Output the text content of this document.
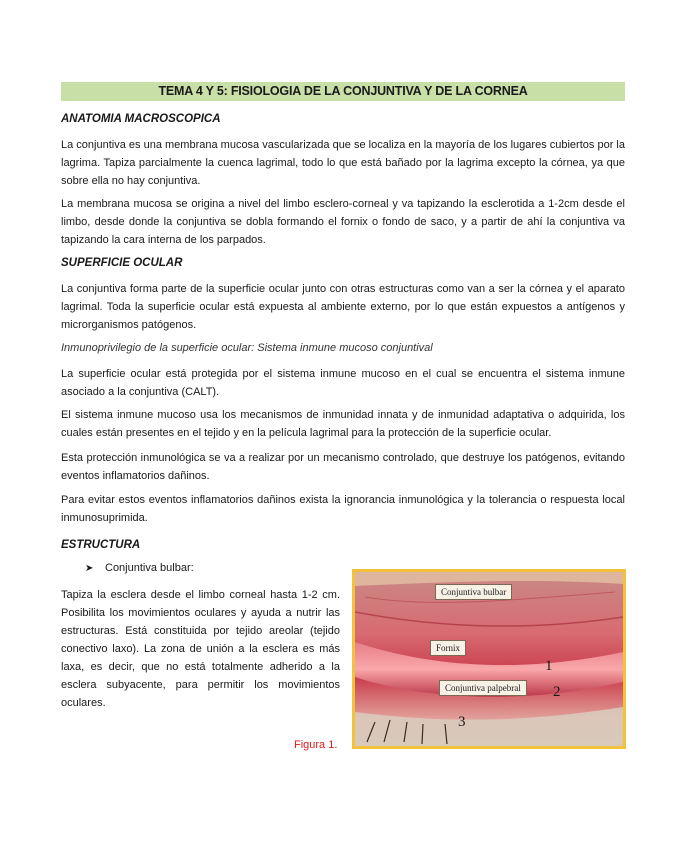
TEMA 4 Y 5: FISIOLOGIA DE LA CONJUNTIVA Y DE LA CORNEA
ANATOMIA MACROSCOPICA
La conjuntiva es una membrana mucosa vascularizada que se localiza en la mayoría de los lugares cubiertos por la lagrima. Tapiza parcialmente la cuenca lagrimal, todo lo que está bañado por la lagrima excepto la córnea, ya que sobre ella no hay conjuntiva.
La membrana mucosa se origina a nivel del limbo esclero-corneal y va tapizando la esclerotida a 1-2cm desde el limbo, desde donde la conjuntiva se dobla formando el fornix o fondo de saco, y a partir de ahí la conjuntiva va tapizando la cara interna de los parpados.
SUPERFICIE OCULAR
La conjuntiva forma parte de la superficie ocular junto con otras estructuras como van a ser la córnea y el aparato lagrimal. Toda la superficie ocular está expuesta al ambiente externo, por lo que están expuestos a antígenos y microrganismos patógenos.
Inmunoprivilegio de la superficie ocular: Sistema inmune mucoso conjuntival
La superficie ocular está protegida por el sistema inmune mucoso en el cual se encuentra el sistema inmune asociado a la conjuntiva (CALT).
El sistema inmune mucoso usa los mecanismos de inmunidad innata y de inmunidad adaptativa o adquirida, los cuales están presentes en el tejido y en la película lagrimal para la protección de la superficie ocular.
Esta protección inmunológica se va a realizar por un mecanismo controlado, que destruye los patógenos, evitando eventos inflamatorios dañinos.
Para evitar estos eventos inflamatorios dañinos exista la ignorancia inmunológica y la tolerancia o respuesta local inmunosuprimida.
ESTRUCTURA
➤ Conjuntiva bulbar:
Tapiza la esclera desde el limbo corneal hasta 1-2 cm. Posibilita los movimientos oculares y ayuda a nutrir las estructuras. Está constituida por tejido areolar (tejido conectivo laxo). La zona de unión a la esclera es más laxa, es decir, que no está totalmente adherido a la esclera subyacente, para permitir los movimientos oculares.
Figura 1.
Conjuntiva bulbar
Fornix
Conjuntiva palpebral
1
2
3
